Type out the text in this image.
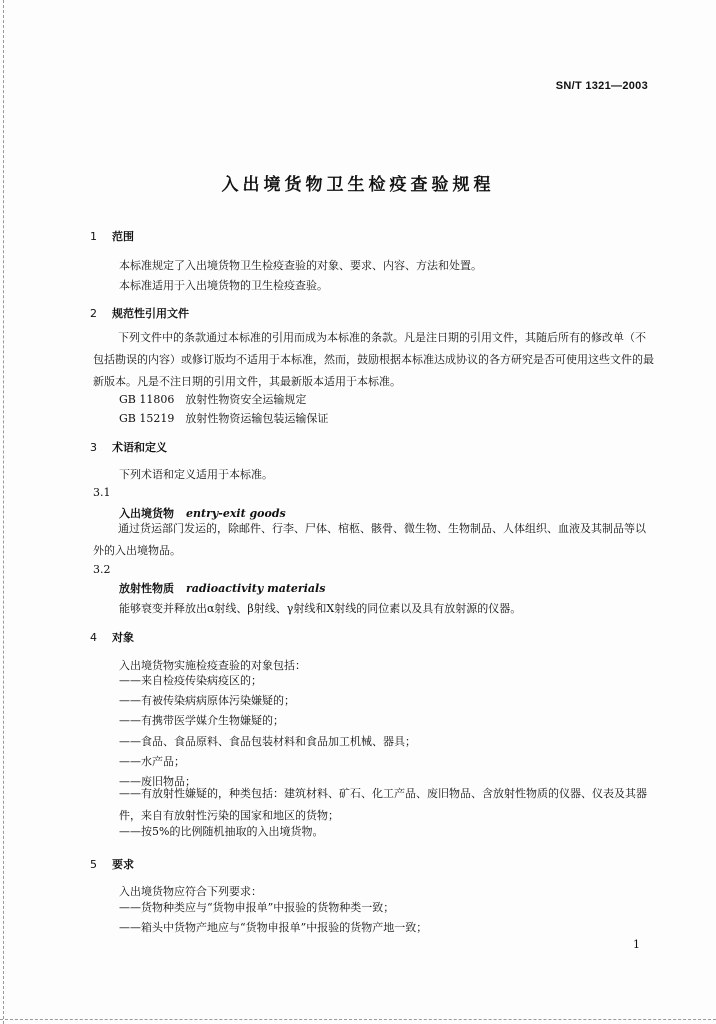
SN/T 1321—2003
入出境货物卫生检疫查验规程
1 范围
本标准规定了入出境货物卫生检疫查验的对象、要求、内容、方法和处置。
本标准适用于入出境货物的卫生检疫查验。
2 规范性引用文件
下列文件中的条款通过本标准的引用而成为本标准的条款。凡是注日期的引用文件，其随后所有的修改单（不包括勘误的内容）或修订版均不适用于本标准，然而，鼓励根据本标准达成协议的各方研究是否可使用这些文件的最新版本。凡是不注日期的引用文件，其最新版本适用于本标准。
GB 11806　放射性物资安全运输规定
GB 15219　放射性物资运输包装运输保证
3 术语和定义
下列术语和定义适用于本标准。
3.1
入出境货物 entry-exit goods
通过货运部门发运的，除邮件、行李、尸体、棺柩、骸骨、微生物、生物制品、人体组织、血液及其制品等以外的入出境物品。
3.2
放射性物质 radioactivity materials
能够衰变并释放出α射线、β射线、γ射线和X射线的同位素以及具有放射源的仪器。
4 对象
入出境货物实施检疫查验的对象包括：
——来自检疫传染病疫区的；
——有被传染病病原体污染嫌疑的；
——有携带医学媒介生物嫌疑的；
——食品、食品原料、食品包装材料和食品加工机械、器具；
——水产品；
——废旧物品；
——有放射性嫌疑的，种类包括：建筑材料、矿石、化工产品、废旧物品、含放射性物质的仪器、仪表及其器件，来自有放射性污染的国家和地区的货物；
——按5%的比例随机抽取的入出境货物。
5 要求
入出境货物应符合下列要求：
——货物种类应与“货物申报单”中报验的货物种类一致；
——箱头中货物产地应与“货物申报单”中报验的货物产地一致；
1
